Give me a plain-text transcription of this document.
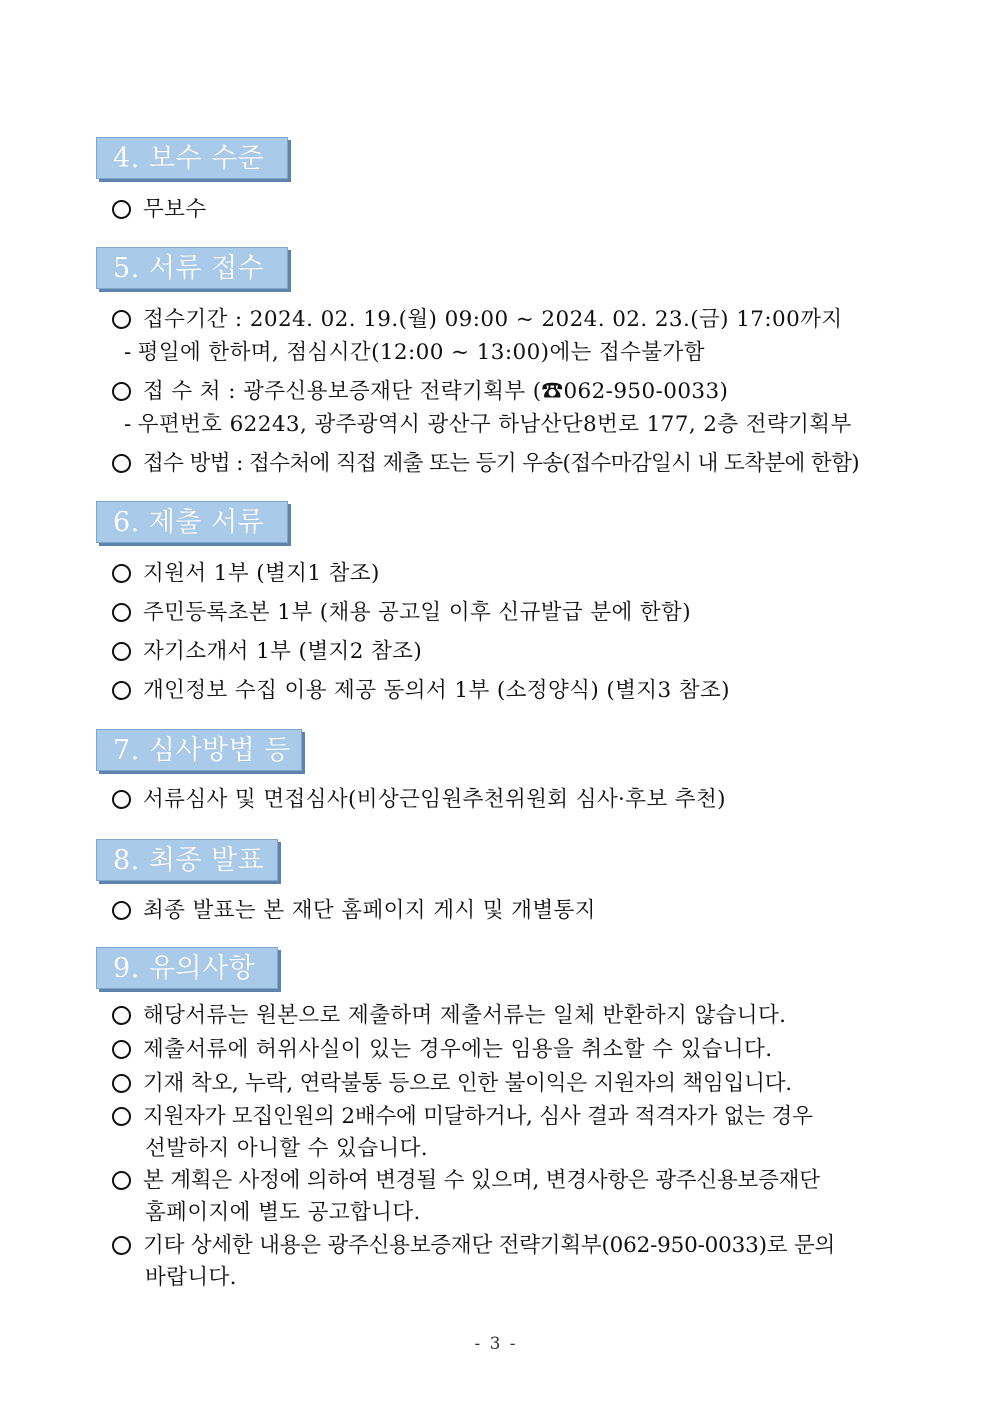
4. 보수 수준
무보수
5. 서류 접수
접수기간 : 2024. 02. 19.(월) 09:00 ~ 2024. 02. 23.(금) 17:00까지
- 평일에 한하며, 점심시간(12:00 ~ 13:00)에는 접수불가함
접 수 처 : 광주신용보증재단 전략기획부 (☎062-950-0033)
- 우편번호 62243, 광주광역시 광산구 하남산단8번로 177, 2층 전략기획부
접수 방법 : 접수처에 직접 제출 또는 등기 우송(접수마감일시 내 도착분에 한함)
6. 제출 서류
지원서 1부 (별지1 참조)
주민등록초본 1부 (채용 공고일 이후 신규발급 분에 한함)
자기소개서 1부 (별지2 참조)
개인정보 수집 이용 제공 동의서 1부 (소정양식) (별지3 참조)
7. 심사방법 등
서류심사 및 면접심사(비상근임원추천위원회 심사·후보 추천)
8. 최종 발표
최종 발표는 본 재단 홈페이지 게시 및 개별통지
9. 유의사항
해당서류는 원본으로 제출하며 제출서류는 일체 반환하지 않습니다.
제출서류에 허위사실이 있는 경우에는 임용을 취소할 수 있습니다.
기재 착오, 누락, 연락불통 등으로 인한 불이익은 지원자의 책임입니다.
지원자가 모집인원의 2배수에 미달하거나, 심사 결과 적격자가 없는 경우
선발하지 아니할 수 있습니다.
본 계획은 사정에 의하여 변경될 수 있으며, 변경사항은 광주신용보증재단
홈페이지에 별도 공고합니다.
기타 상세한 내용은 광주신용보증재단 전략기획부(062-950-0033)로 문의
바랍니다.
- 3 -
